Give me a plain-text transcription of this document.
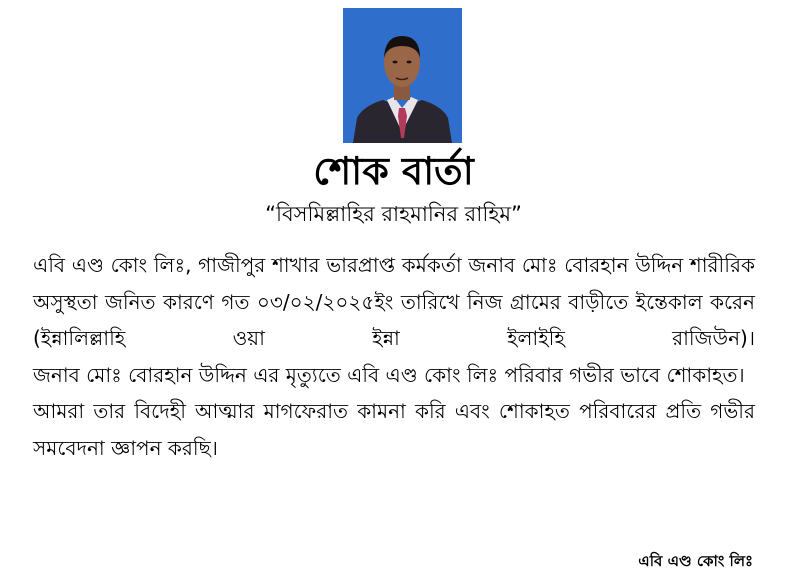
শোক বার্তা
“বিসমিল্লাহির রাহমানির রাহিম”

এবি এণ্ড কোং লিঃ, গাজীপুর শাখার ভারপ্রাপ্ত কর্মকর্তা জনাব মোঃ বোরহান উদ্দিন শারীরিক অসুস্থতা জনিত কারণে গত ০৩/০২/২০২৫ইং তারিখে নিজ গ্রামের বাড়ীতে ইন্তেকাল করেন (ইন্নালিল্লাহি ওয়া ইন্না ইলাইহি রাজিউন)।

জনাব মোঃ বোরহান উদ্দিন এর মৃত্যুতে এবি এণ্ড কোং লিঃ পরিবার গভীর ভাবে শোকাহত।

আমরা তার বিদেহী আত্মার মাগফেরাত কামনা করি এবং শোকাহত পরিবারের প্রতি গভীর সমবেদনা জ্ঞাপন করছি।

এবি এণ্ড কোং লিঃ
